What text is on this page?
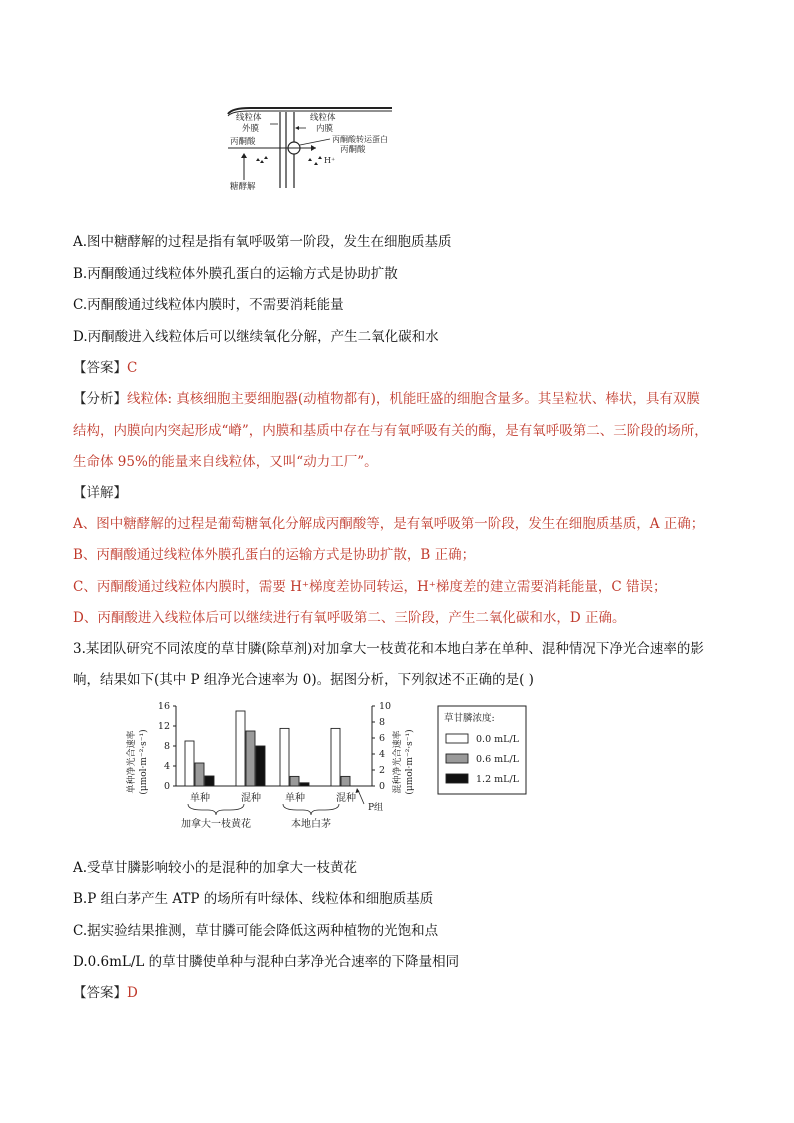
线粒体外膜
线粒体内膜
丙酮酸转运蛋白
丙酮酸
丙酮酸
H⁺
糖酵解
A.图中糖酵解的过程是指有氧呼吸第一阶段，发生在细胞质基质
B.丙酮酸通过线粒体外膜孔蛋白的运输方式是协助扩散
C.丙酮酸通过线粒体内膜时，不需要消耗能量
D.丙酮酸进入线粒体后可以继续氧化分解，产生二氧化碳和水
【答案】C
【分析】线粒体: 真核细胞主要细胞器(动植物都有)，机能旺盛的细胞含量多。其呈粒状、棒状，具有双膜
结构，内膜向内突起形成“嵴”，内膜和基质中存在与有氧呼吸有关的酶，是有氧呼吸第二、三阶段的场所，
生命体 95%的能量来自线粒体，又叫“动力工厂”。
【详解】
A、图中糖酵解的过程是葡萄糖氧化分解成丙酮酸等，是有氧呼吸第一阶段，发生在细胞质基质，A 正确；
B、丙酮酸通过线粒体外膜孔蛋白的运输方式是协助扩散，B 正确；
C、丙酮酸通过线粒体内膜时，需要 H⁺梯度差协同转运，H⁺梯度差的建立需要消耗能量，C 错误；
D、丙酮酸进入线粒体后可以继续进行有氧呼吸第二、三阶段，产生二氧化碳和水，D 正确。
3.某团队研究不同浓度的草甘膦(除草剂)对加拿大一枝黄花和本地白茅在单种、混种情况下净光合速率的影
响，结果如下(其中 P 组净光合速率为 0)。据图分析，下列叙述不正确的是( )
单种净光合速率 (μmol·m⁻²·s⁻¹)	混种净光合速率 (μmol·m⁻²·s⁻¹)
0
4
8
12
16
0
2
4
6
8
10
单种	混种 单种	混种
加拿大一枝黄花	本地白茅
P组
草甘膦浓度:
0.0 mL/L
0.6 mL/L
1.2 mL/L
A.受草甘膦影响较小的是混种的加拿大一枝黄花
B.P 组白茅产生 ATP 的场所有叶绿体、线粒体和细胞质基质
C.据实验结果推测，草甘膦可能会降低这两种植物的光饱和点
D.0.6mL/L 的草甘膦使单种与混种白茅净光合速率的下降量相同
【答案】D
